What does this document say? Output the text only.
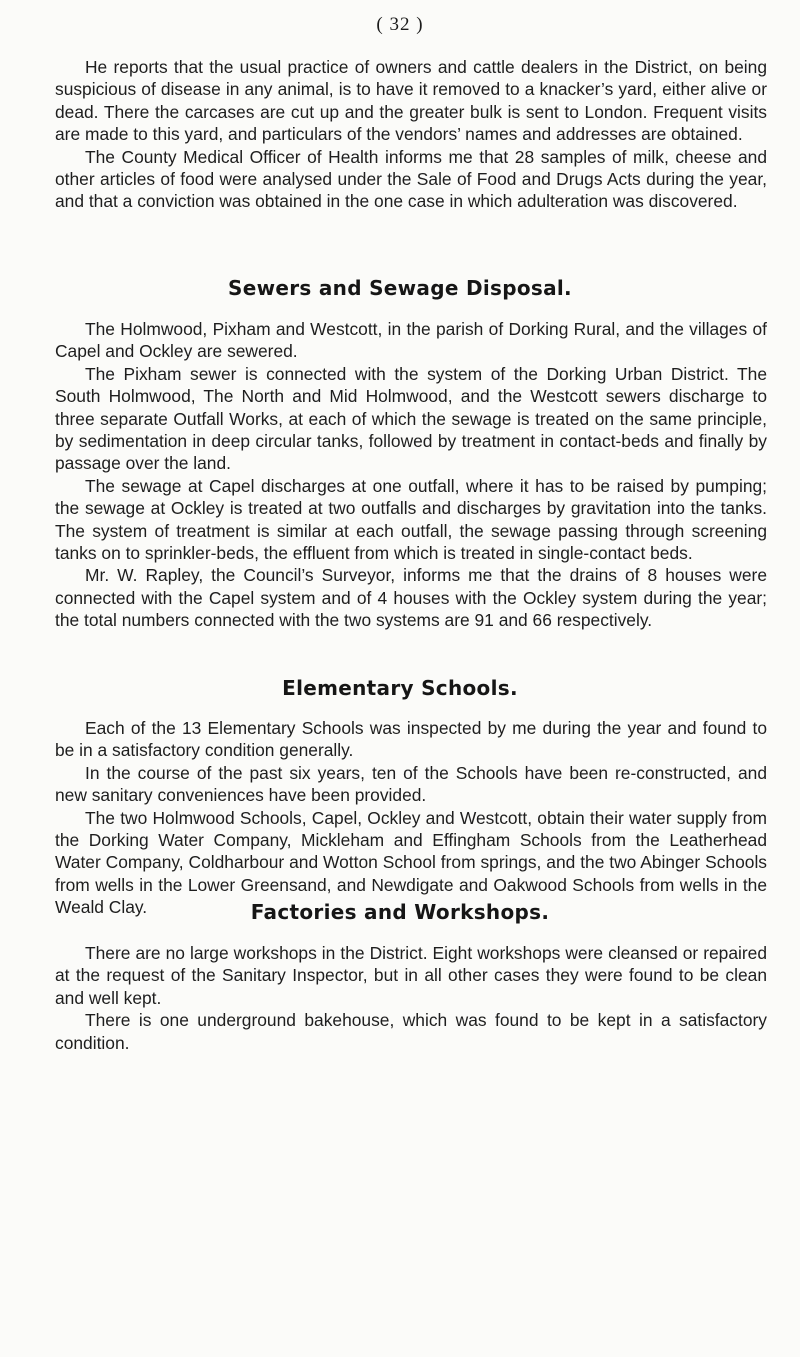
( 32 )

He reports that the usual practice of owners and cattle dealers in the District, on being suspicious of disease in any animal, is to have it removed to a knacker’s yard, either alive or dead. There the carcases are cut up and the greater bulk is sent to London. Frequent visits are made to this yard, and particulars of the vendors’ names and addresses are obtained.

The County Medical Officer of Health informs me that 28 samples of milk, cheese and other articles of food were analysed under the Sale of Food and Drugs Acts during the year, and that a conviction was obtained in the one case in which adulteration was discovered.

Sewers and Sewage Disposal.

The Holmwood, Pixham and Westcott, in the parish of Dorking Rural, and the villages of Capel and Ockley are sewered.

The Pixham sewer is connected with the system of the Dorking Urban District. The South Holmwood, The North and Mid Holmwood, and the Westcott sewers discharge to three separate Outfall Works, at each of which the sewage is treated on the same principle, by sedimentation in deep circular tanks, followed by treatment in contact-beds and finally by passage over the land.

The sewage at Capel discharges at one outfall, where it has to be raised by pumping; the sewage at Ockley is treated at two outfalls and discharges by gravitation into the tanks. The system of treatment is similar at each outfall, the sewage passing through screening tanks on to sprinkler-beds, the effluent from which is treated in single-contact beds.

Mr. W. Rapley, the Council’s Surveyor, informs me that the drains of 8 houses were connected with the Capel system and of 4 houses with the Ockley system during the year; the total numbers connected with the two systems are 91 and 66 respectively.

Elementary Schools.

Each of the 13 Elementary Schools was inspected by me during the year and found to be in a satisfactory condition generally.

In the course of the past six years, ten of the Schools have been re-constructed, and new sanitary conveniences have been provided.

The two Holmwood Schools, Capel, Ockley and Westcott, obtain their water supply from the Dorking Water Company, Mickleham and Effingham Schools from the Leatherhead Water Company, Coldharbour and Wotton School from springs, and the two Abinger Schools from wells in the Lower Greensand, and Newdigate and Oakwood Schools from wells in the Weald Clay.	Factories and Workshops.

There are no large workshops in the District. Eight workshops were cleansed or repaired at the request of the Sanitary Inspector, but in all other cases they were found to be clean and well kept.

There is one underground bakehouse, which was found to be kept in a satisfactory condition.
